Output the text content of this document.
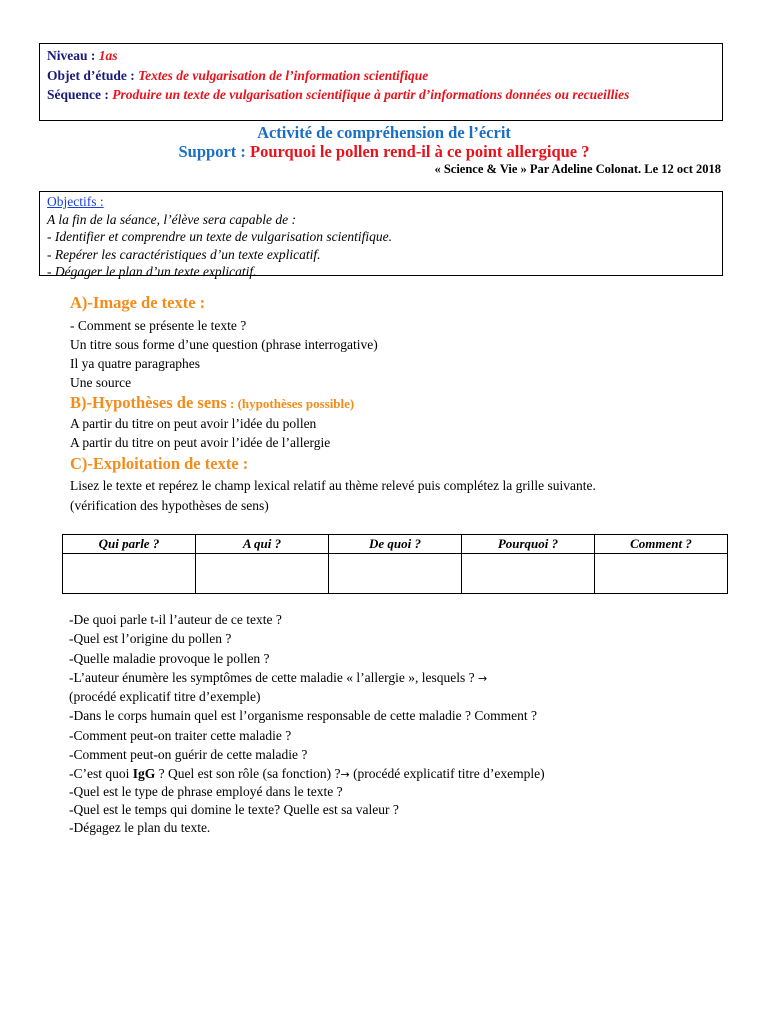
Niveau : 1as
Objet d’étude : Textes de vulgarisation de l’information scientifique
Séquence : Produire un texte de vulgarisation scientifique à partir d’informations données ou recueillies
Activité de compréhension de l’écrit
Support : Pourquoi le pollen rend-il à ce point allergique ?
« Science & Vie » Par Adeline Colonat. Le 12 oct 2018
Objectifs :
A la fin de la séance, l’élève sera capable de :
- Identifier et comprendre un texte de vulgarisation scientifique.
- Repérer les caractéristiques d’un texte explicatif.
- Dégager le plan d’un texte explicatif.
A)-Image de texte :
- Comment se présente le texte ?
Un titre sous forme d’une question (phrase interrogative)
Il ya quatre paragraphes
Une source
B)-Hypothèses de sens : (hypothèses possible)
A partir du titre on peut avoir l’idée du pollen
A partir du titre on peut avoir l’idée de l’allergie
C)-Exploitation de texte :
Lisez le texte et repérez le champ lexical relatif au thème relevé puis complétez la grille suivante.
(vérification des hypothèses de sens)
Qui parle ?	A qui ?	De quoi ?	Pourquoi ?	Comment ?

-De quoi parle t-il l’auteur de ce texte ?
-Quel est l’origine du pollen ?
-Quelle maladie provoque le pollen ?
-L’auteur énumère les symptômes de cette maladie « l’allergie », lesquels ? →
(procédé explicatif titre d’exemple)
-Dans le corps humain quel est l’organisme responsable de cette maladie ? Comment ?
-Comment peut-on traiter cette maladie ?
-Comment peut-on guérir de cette maladie ?
-C’est quoi IgG ? Quel est son rôle (sa fonction) ?→ (procédé explicatif titre d’exemple)
-Quel est le type de phrase employé dans le texte ?
-Quel est le temps qui domine le texte? Quelle est sa valeur ?
-Dégagez le plan du texte.
